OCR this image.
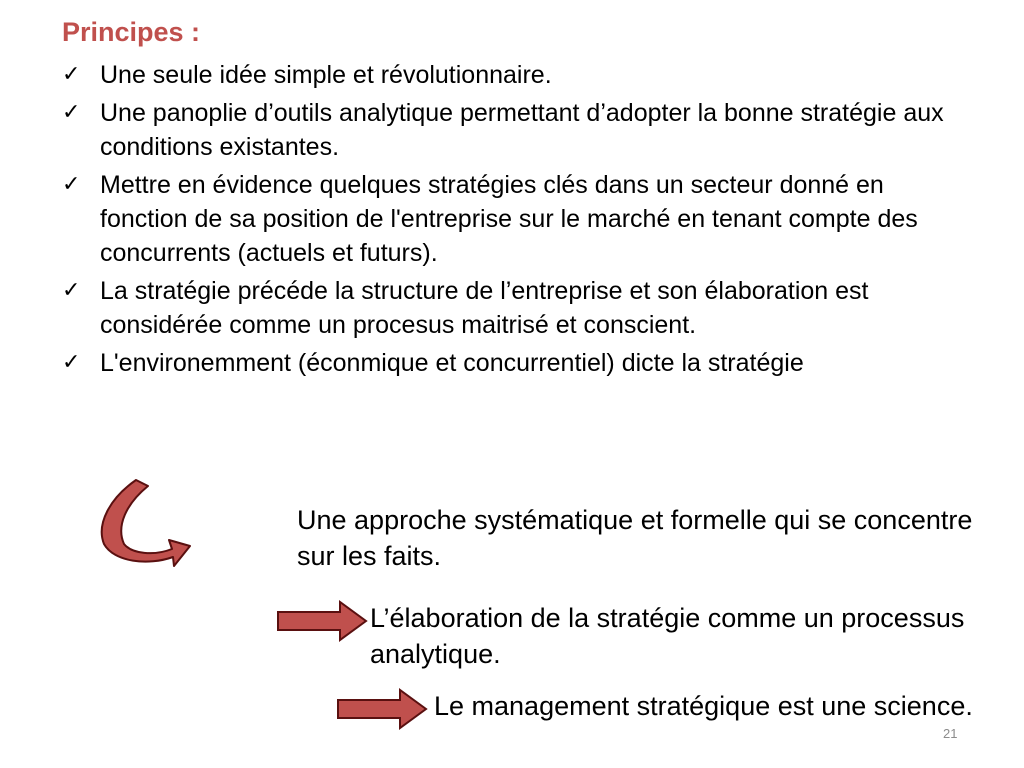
Principes :
✓ Une seule idée simple et révolutionnaire.
✓ Une panoplie d’outils analytique permettant d’adopter la bonne stratégie aux conditions existantes.
✓ Mettre en évidence quelques stratégies clés dans un secteur donné en fonction de sa position de l'entreprise sur le marché en tenant compte des concurrents (actuels et futurs).
✓ La stratégie précéde la structure de l’entreprise et son élaboration est considérée comme un procesus maitrisé et conscient.
✓ L'environemment (éconmique et concurrentiel) dicte la stratégie
Une approche systématique et formelle qui se concentre sur les faits.
L’élaboration de la stratégie comme un processus analytique.
Le management stratégique est une science.
21
